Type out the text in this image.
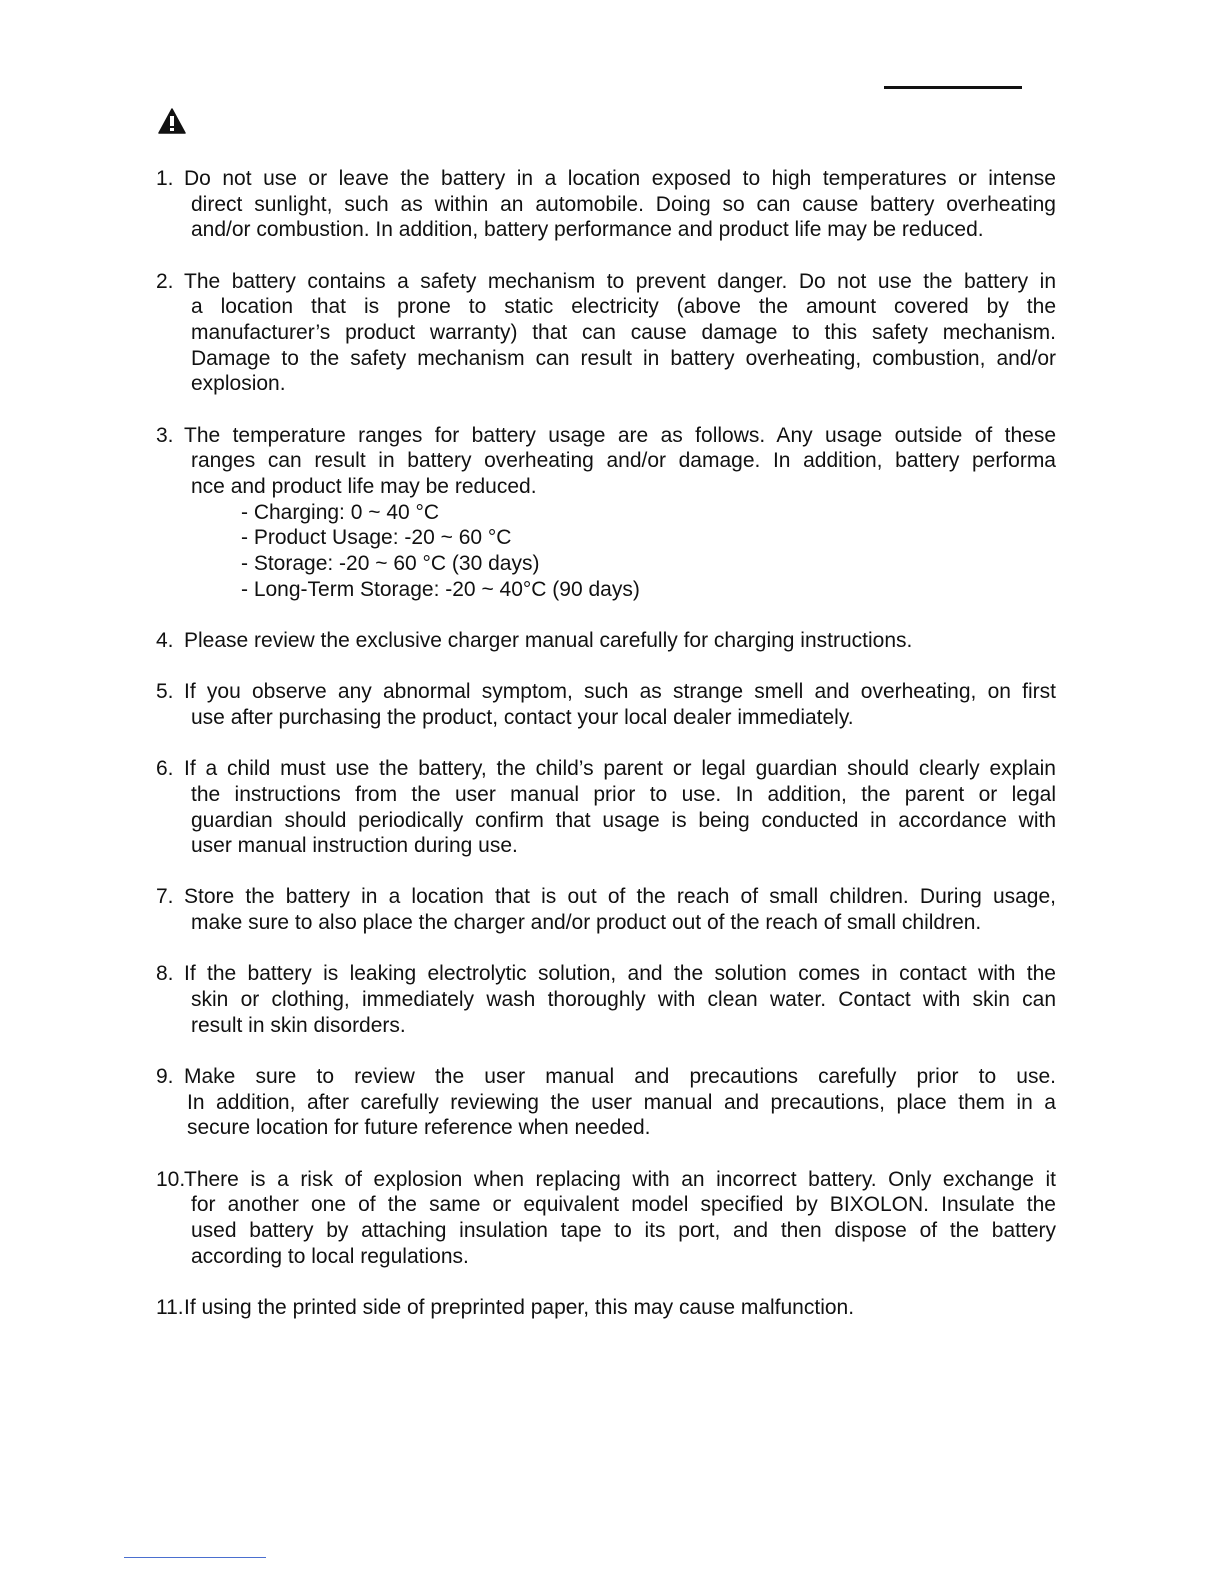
1. Do not use or leave the battery in a location exposed to high temperatures or intense
direct sunlight, such as within an automobile. Doing so can cause battery overheating
and/or combustion. In addition, battery performance and product life may be reduced.
2. The battery contains a safety mechanism to prevent danger. Do not use the battery in
a location that is prone to static electricity (above the amount covered by the
manufacturer’s product warranty) that can cause damage to this safety mechanism.
Damage to the safety mechanism can result in battery overheating, combustion, and/or
explosion.
3. The temperature ranges for battery usage are as follows. Any usage outside of these
ranges can result in battery overheating and/or damage. In addition, battery performa
nce and product life may be reduced.
- Charging: 0 ~ 40 °C
- Product Usage: -20 ~ 60 °C
- Storage: -20 ~ 60 °C (30 days)
- Long-Term Storage: -20 ~ 40°C (90 days)
4. Please review the exclusive charger manual carefully for charging instructions.
5. If you observe any abnormal symptom, such as strange smell and overheating, on first
use after purchasing the product, contact your local dealer immediately.
6. If a child must use the battery, the child’s parent or legal guardian should clearly explain
the instructions from the user manual prior to use. In addition, the parent or legal
guardian should periodically confirm that usage is being conducted in accordance with
user manual instruction during use.
7. Store the battery in a location that is out of the reach of small children. During usage,
make sure to also place the charger and/or product out of the reach of small children.
8. If the battery is leaking electrolytic solution, and the solution comes in contact with the
skin or clothing, immediately wash thoroughly with clean water. Contact with skin can
result in skin disorders.
9. Make sure to review the user manual and precautions carefully prior to use.
In addition, after carefully reviewing the user manual and precautions, place them in a
secure location for future reference when needed.
10.
There is a risk of explosion when replacing with an incorrect battery. Only exchange it
for another one of the same or equivalent model specified by BIXOLON. Insulate the
used battery by attaching insulation tape to its port, and then dispose of the battery
according to local regulations.
11. If using the printed side of preprinted paper, this may cause malfunction.
